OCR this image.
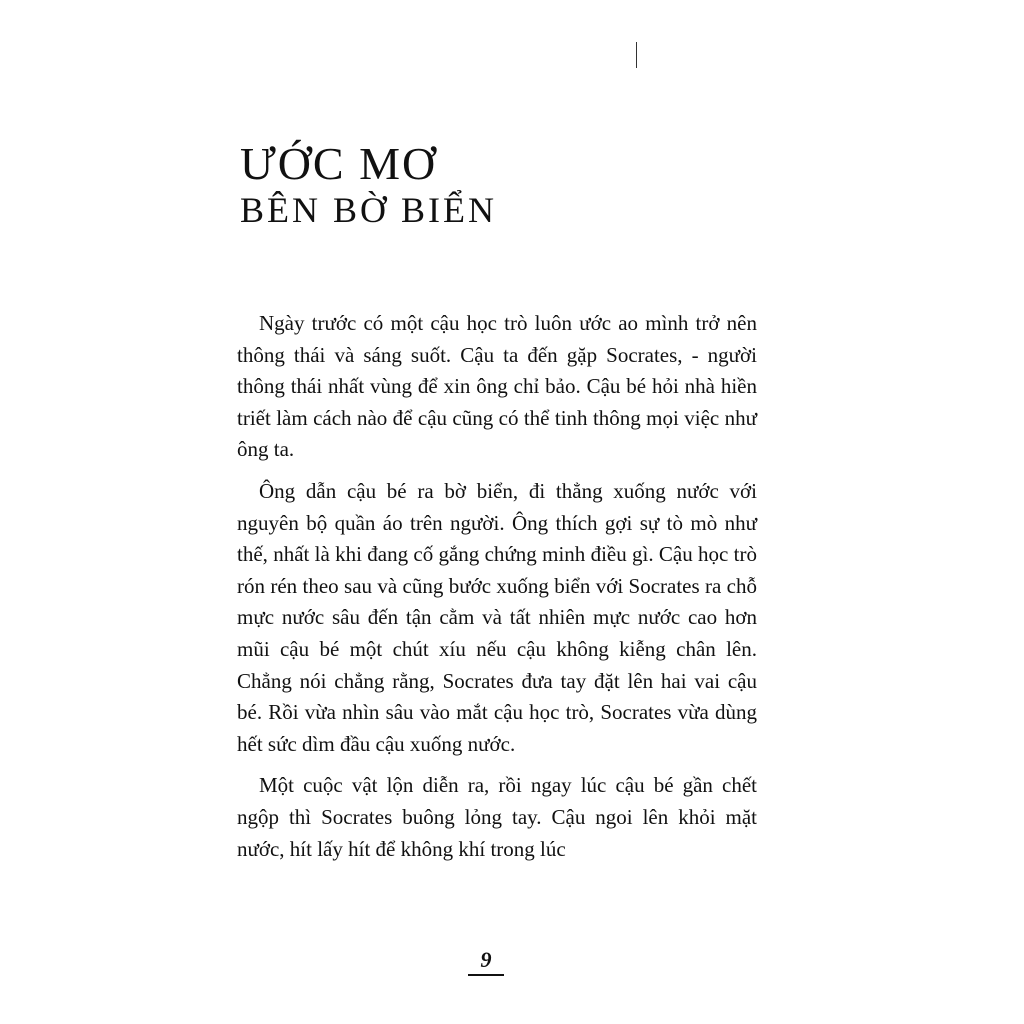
ƯỚC MƠ
BÊN BỜ BIỂN

Ngày trước có một cậu học trò luôn ước ao mình trở nên thông thái và sáng suốt. Cậu ta đến gặp Socrates, - người thông thái nhất vùng để xin ông chỉ bảo. Cậu bé hỏi nhà hiền triết làm cách nào để cậu cũng có thể tinh thông mọi việc như ông ta.

Ông dẫn cậu bé ra bờ biển, đi thẳng xuống nước với nguyên bộ quần áo trên người. Ông thích gợi sự tò mò như thế, nhất là khi đang cố gắng chứng minh điều gì. Cậu học trò rón rén theo sau và cũng bước xuống biển với Socrates ra chỗ mực nước sâu đến tận cằm và tất nhiên mực nước cao hơn mũi cậu bé một chút xíu nếu cậu không kiễng chân lên. Chẳng nói chẳng rằng, Socrates đưa tay đặt lên hai vai cậu bé. Rồi vừa nhìn sâu vào mắt cậu học trò, Socrates vừa dùng hết sức dìm đầu cậu xuống nước.

Một cuộc vật lộn diễn ra, rồi ngay lúc cậu bé gần chết ngộp thì Socrates buông lỏng tay. Cậu ngoi lên khỏi mặt nước, hít lấy hít để không khí trong lúc

9
